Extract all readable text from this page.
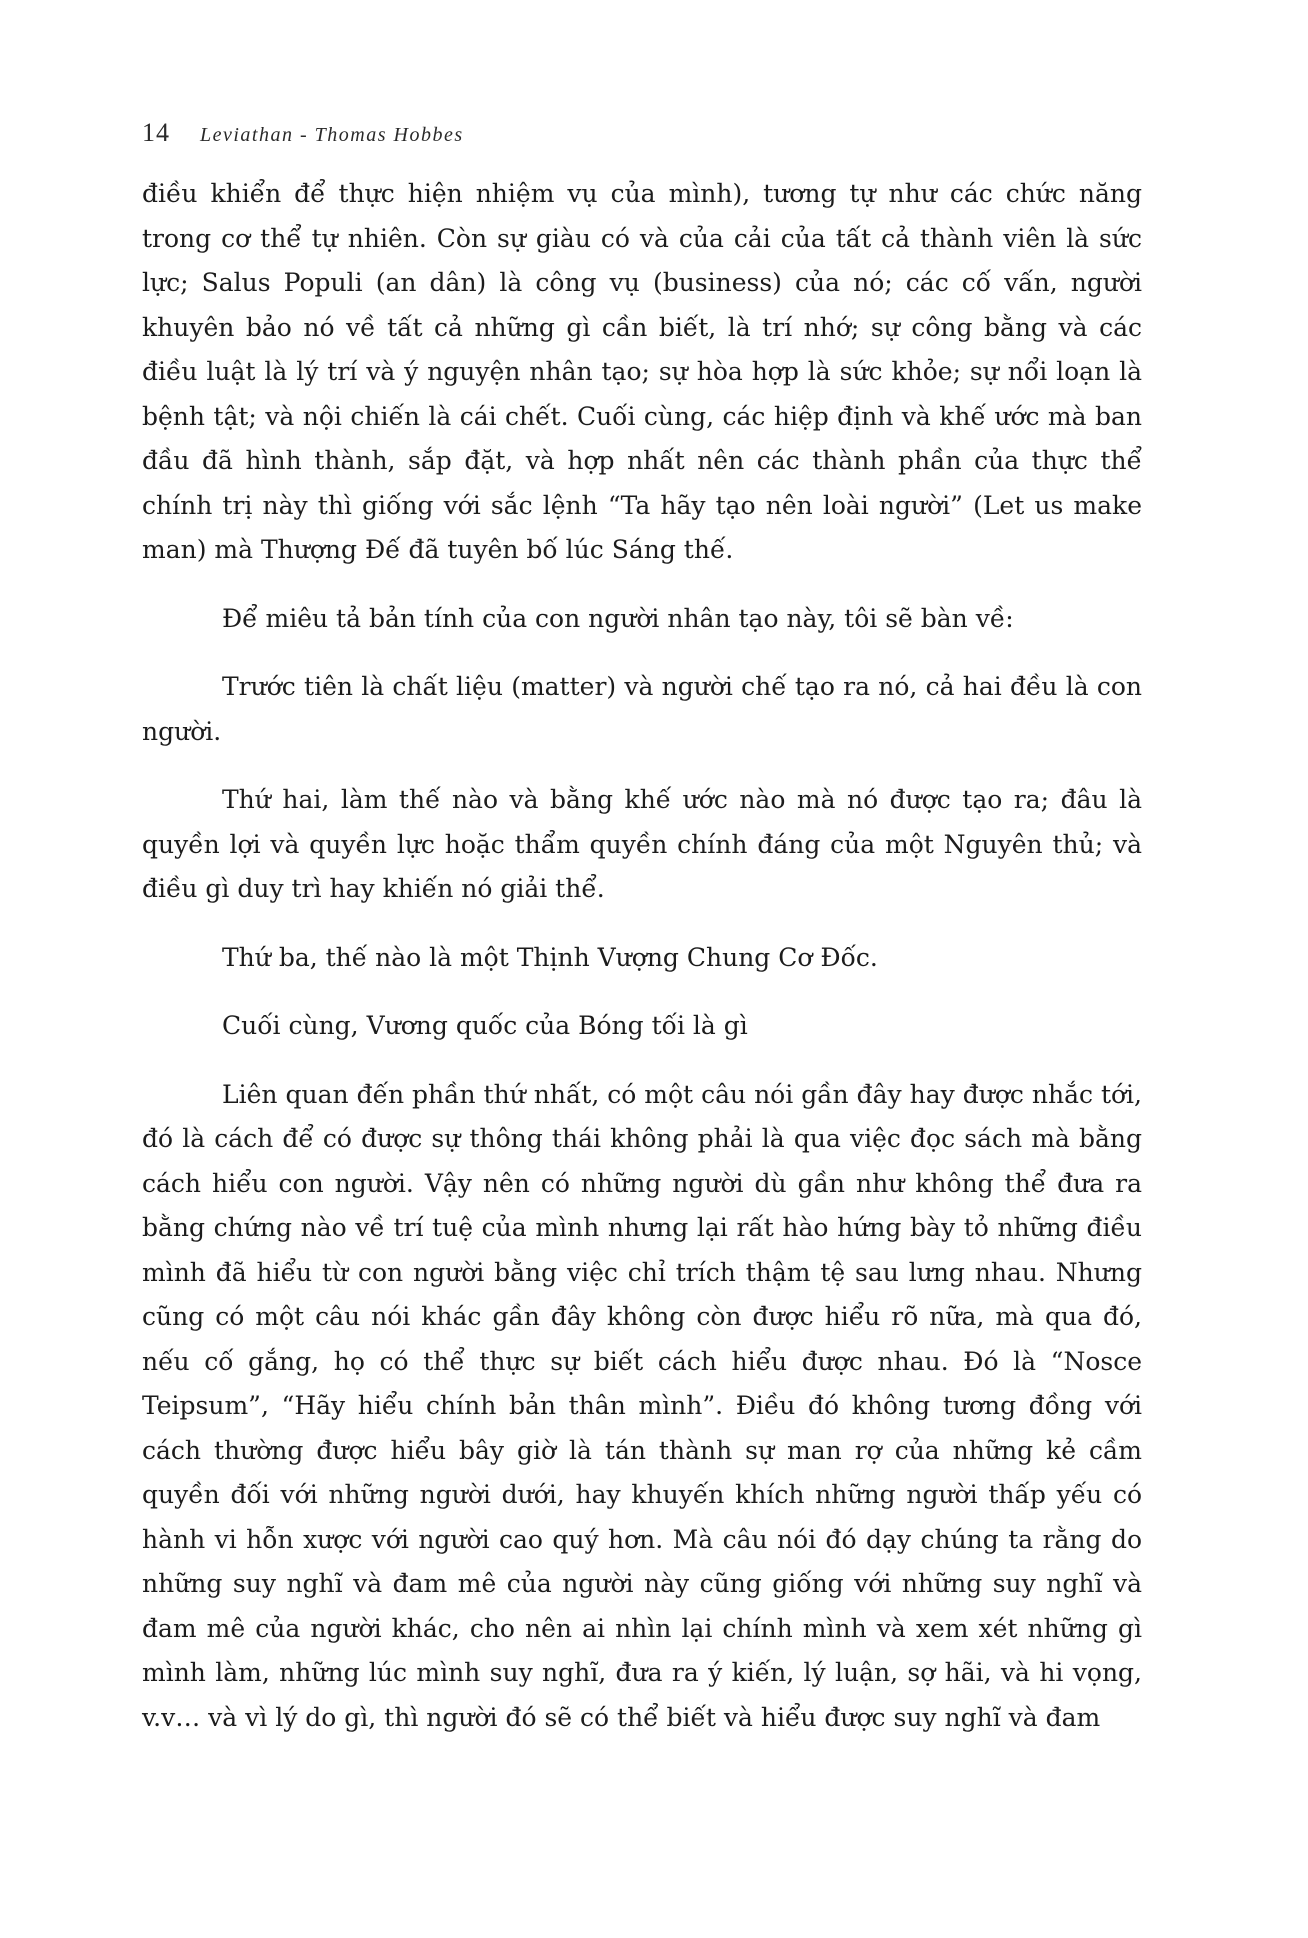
14 Leviathan - Thomas Hobbes

điều khiển để thực hiện nhiệm vụ của mình), tương tự như các chức năng trong cơ thể tự nhiên. Còn sự giàu có và của cải của tất cả thành viên là sức lực; Salus Populi (an dân) là công vụ (business) của nó; các cố vấn, người khuyên bảo nó về tất cả những gì cần biết, là trí nhớ; sự công bằng và các điều luật là lý trí và ý nguyện nhân tạo; sự hòa hợp là sức khỏe; sự nổi loạn là bệnh tật; và nội chiến là cái chết. Cuối cùng, các hiệp định và khế ước mà ban đầu đã hình thành, sắp đặt, và hợp nhất nên các thành phần của thực thể chính trị này thì giống với sắc lệnh “Ta hãy tạo nên loài người” (Let us make man) mà Thượng Đế đã tuyên bố lúc Sáng thế.

Để miêu tả bản tính của con người nhân tạo này, tôi sẽ bàn về:

Trước tiên là chất liệu (matter) và người chế tạo ra nó, cả hai đều là con người.

Thứ hai, làm thế nào và bằng khế ước nào mà nó được tạo ra; đâu là quyền lợi và quyền lực hoặc thẩm quyền chính đáng của một Nguyên thủ; và điều gì duy trì hay khiến nó giải thể.

Thứ ba, thế nào là một Thịnh Vượng Chung Cơ Đốc.

Cuối cùng, Vương quốc của Bóng tối là gì

Liên quan đến phần thứ nhất, có một câu nói gần đây hay được nhắc tới, đó là cách để có được sự thông thái không phải là qua việc đọc sách mà bằng cách hiểu con người. Vậy nên có những người dù gần như không thể đưa ra bằng chứng nào về trí tuệ của mình nhưng lại rất hào hứng bày tỏ những điều mình đã hiểu từ con người bằng việc chỉ trích thậm tệ sau lưng nhau. Nhưng cũng có một câu nói khác gần đây không còn được hiểu rõ nữa, mà qua đó, nếu cố gắng, họ có thể thực sự biết cách hiểu được nhau. Đó là “Nosce Teipsum”, “Hãy hiểu chính bản thân mình”. Điều đó không tương đồng với cách thường được hiểu bây giờ là tán thành sự man rợ của những kẻ cầm quyền đối với những người dưới, hay khuyến khích những người thấp yếu có hành vi hỗn xược với người cao quý hơn. Mà câu nói đó dạy chúng ta rằng do những suy nghĩ và đam mê của người này cũng giống với những suy nghĩ và đam mê của người khác, cho nên ai nhìn lại chính mình và xem xét những gì mình làm, những lúc mình suy nghĩ, đưa ra ý kiến, lý luận, sợ hãi, và hi vọng, v.v… và vì lý do gì, thì người đó sẽ có thể biết và hiểu được suy nghĩ và đam
